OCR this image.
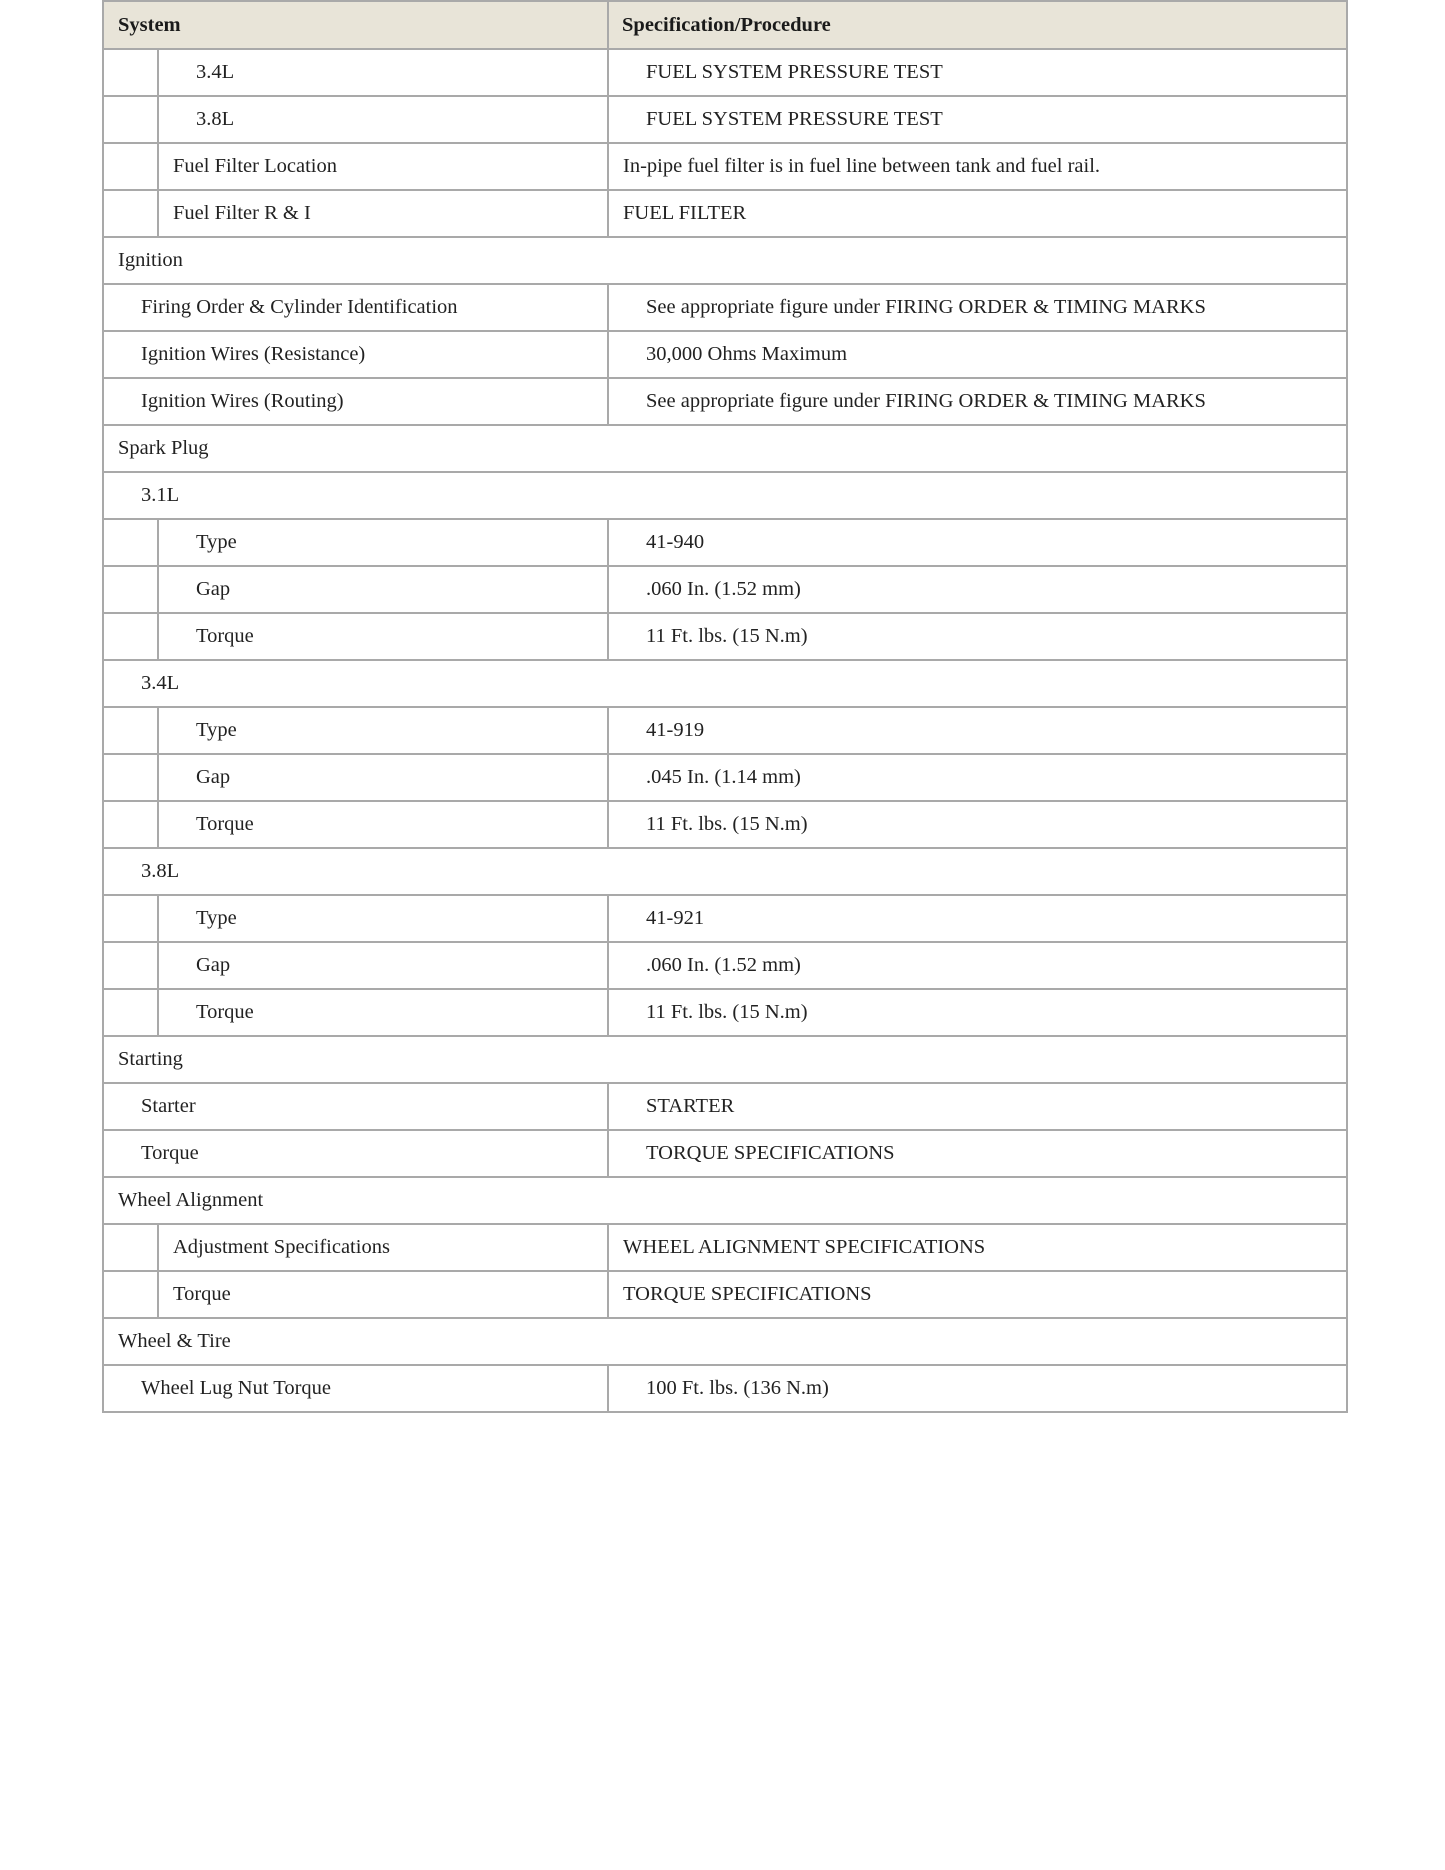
System		Specification/Procedure
	3.4L	FUEL SYSTEM PRESSURE TEST
	3.8L	FUEL SYSTEM PRESSURE TEST
	Fuel Filter Location	In-pipe fuel filter is in fuel line between tank and fuel rail.
	Fuel Filter R & I	FUEL FILTER
Ignition		
Firing Order & Cylinder Identification		See appropriate figure under FIRING ORDER & TIMING MARKS
Ignition Wires (Resistance)		30,000 Ohms Maximum
Ignition Wires (Routing)		See appropriate figure under FIRING ORDER & TIMING MARKS
Spark Plug		
3.1L		
	Type	41-940
	Gap	.060 In. (1.52 mm)
	Torque	11 Ft. lbs. (15 N.m)
3.4L		
	Type	41-919
	Gap	.045 In. (1.14 mm)
	Torque	11 Ft. lbs. (15 N.m)
3.8L		
	Type	41-921
	Gap	.060 In. (1.52 mm)
	Torque	11 Ft. lbs. (15 N.m)
Starting		
Starter		STARTER
Torque		TORQUE SPECIFICATIONS
Wheel Alignment		
	Adjustment Specifications	WHEEL ALIGNMENT SPECIFICATIONS
	Torque	TORQUE SPECIFICATIONS
Wheel & Tire		
Wheel Lug Nut Torque		100 Ft. lbs. (136 N.m)
